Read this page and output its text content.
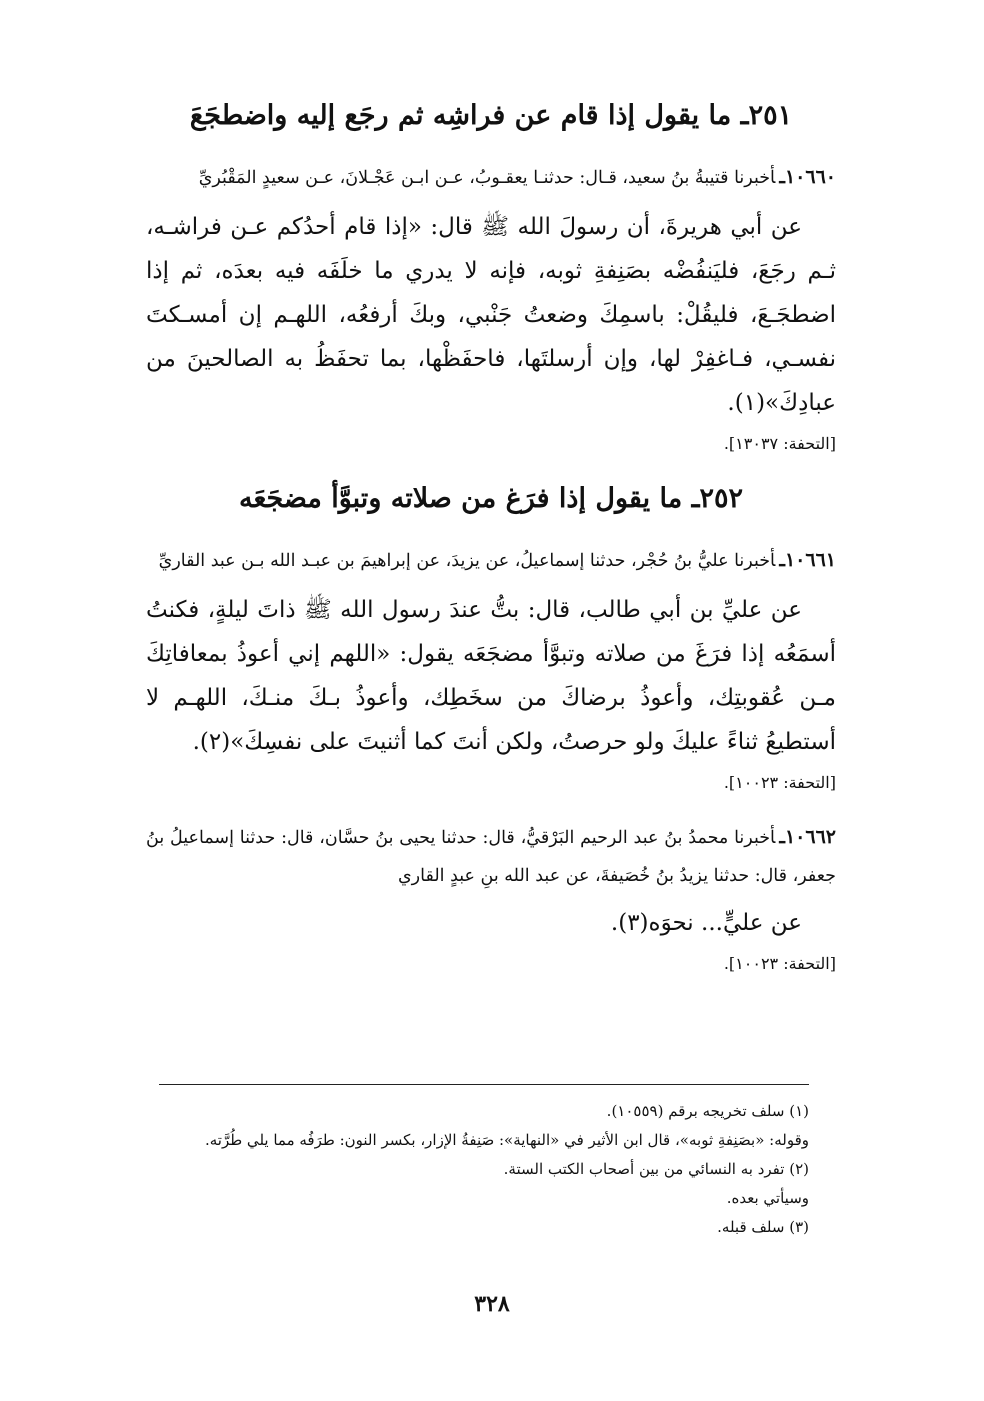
٢٥١ـ ما يقول إذا قام عن فراشِه ثم رجَع إليه واضطجَعَ

١٠٦٦٠ـأخبرنا قتيبةُ بنُ سعيد، قـال: حدثنـا يعقـوبُ، عـن ابـن عَجْـلانَ، عـن سعيدٍ المَقْبُريِّ

عن أبي هريرةَ، أن رسولَ الله ﷺ قال: «إذا قام أحدُكم عـن فراشـه، ثـم رجَعَ، فليَنفُضْه بصَنِفةِ ثوبه، فإنه لا يدري ما خلَفَه فيه بعدَه، ثم إذا اضطجَـعَ، فليقُلْ: باسمِكَ وضعتُ جَنْبي، وبكَ أرفعُه، اللهـم إن أمسـكتَ نفسـي، فـاغفِرْ لها، وإن أرسلتَها، فاحفَظْها، بما تحفَظُ به الصالحينَ من عبادِكَ»(١).

[التحفة: ١٣٠٣٧].

٢٥٢ـ ما يقول إذا فرَغ من صلاته وتبوَّأ مضجَعَه

١٠٦٦١ـأخبرنا عليُّ بنُ حُجْر، حدثنا إسماعيلُ، عن يزيدَ، عن إبراهيمَ بن عبـد الله بـن عبد القاريِّ

عن عليِّ بن أبي طالب، قال: بتُّ عندَ رسول الله ﷺ ذاتَ ليلةٍ، فكنتُ أسمَعُه إذا فرَغَ من صلاته وتبوَّأ مضجَعَه يقول: «اللهم إني أعوذُ بمعافاتِكَ مـن عُقوبتِك، وأعوذُ برضاكَ من سخَطِك، وأعوذُ بـكَ منـكَ، اللهـم لا أستطيعُ ثناءً عليكَ ولو حرصتُ، ولكن أنتَ كما أثنيتَ على نفسِكَ»(٢).

[التحفة: ١٠٠٢٣].

١٠٦٦٢ـأخبرنا محمدُ بنُ عبد الرحيم البَرْقيُّ، قال: حدثنا يحيى بنُ حسَّان، قال: حدثنا إسماعيلُ بنُ جعفر، قال: حدثنا يزيدُ بنُ خُصَيفةَ، عن عبد الله بنِ عبدٍ القاري

عن عليٍّ... نحوَه(٣).

[التحفة: ١٠٠٢٣].

(١) سلف تخريجه برقم (١٠٥٥٩).

وقوله: «بصَنِفةِ ثوبه»، قال ابن الأثير في «النهاية»: صَنِفةُ الإزار، بكسر النون: طرَفُه مما يلي طُرَّته.

(٢) تفرد به النسائي من بين أصحاب الكتب الستة.

وسيأتي بعده.

(٣) سلف قبله.

٣٢٨
